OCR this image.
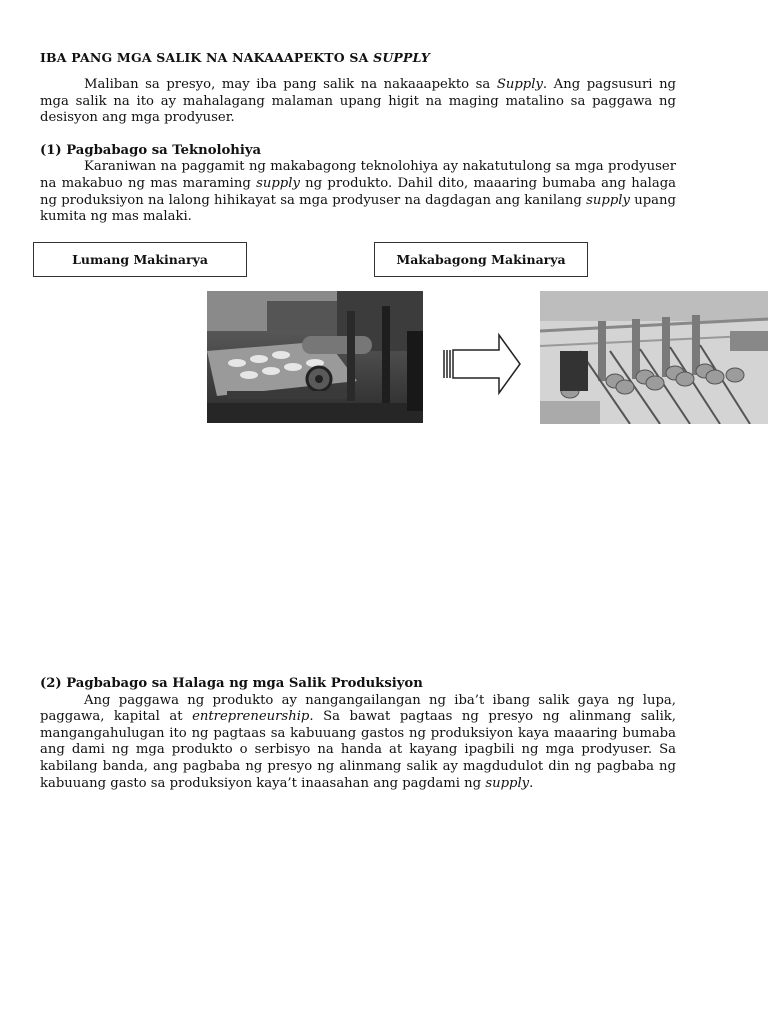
IBA PANG MGA SALIK NA NAKAAAPEKTO SA SUPPLY

Maliban sa presyo, may iba pang salik na nakaaapekto sa Supply. Ang pagsusuri ng mga salik na ito ay mahalagang malaman upang higit na maging matalino sa paggawa ng desisyon ang mga prodyuser.

(1) Pagbabago sa Teknolohiya

Karaniwan na paggamit ng makabagong teknolohiya ay nakatutulong sa mga prodyuser na makabuo ng mas maraming supply ng produkto. Dahil dito, maaaring bumaba ang halaga ng produksiyon na lalong hihikayat sa mga prodyuser na dagdagan ang kanilang supply upang kumita ng mas malaki.

Lumang Makinarya	Makabagong Makinarya
(2) Pagbabago sa Halaga ng mga Salik Produksiyon

Ang paggawa ng produkto ay nangangailangan ng iba’t ibang salik gaya ng lupa, paggawa, kapital at entrepreneurship. Sa bawat pagtaas ng presyo ng alinmang salik, mangangahulugan ito ng pagtaas sa kabuuang gastos ng produksiyon kaya maaaring bumaba ang dami ng mga produkto o serbisyo na handa at kayang ipagbili ng mga prodyuser. Sa kabilang banda, ang pagbaba ng presyo ng alinmang salik ay magdudulot din ng pagbaba ng kabuuang gasto sa produksiyon kaya’t inaasahan ang pagdami ng supply.
